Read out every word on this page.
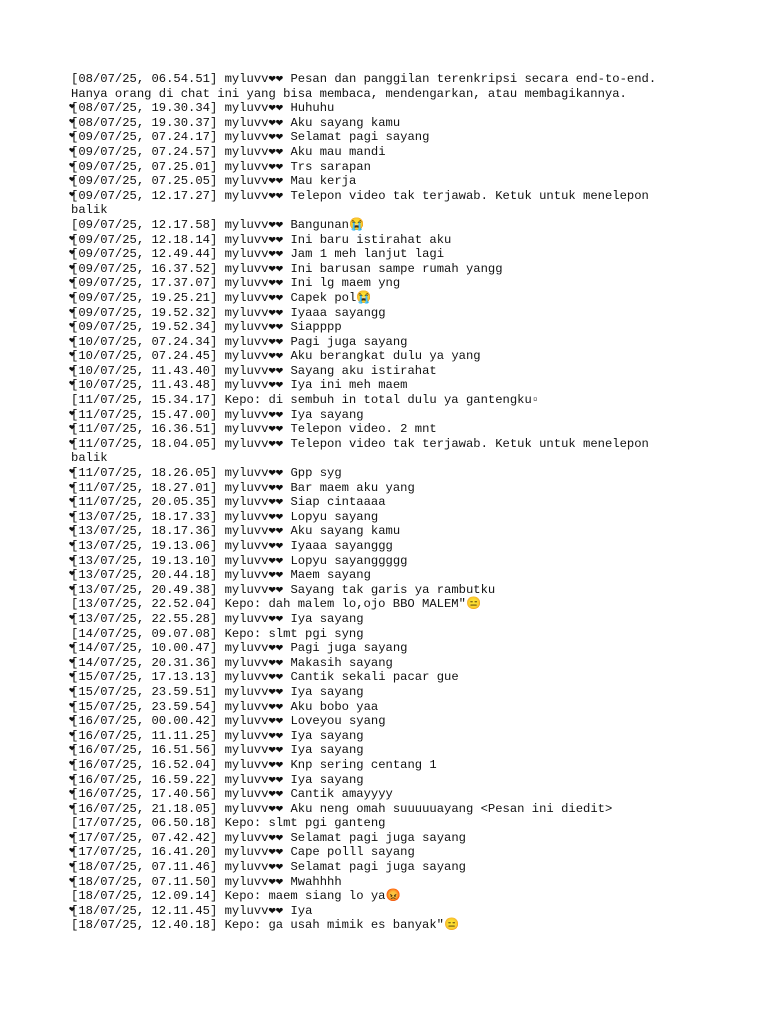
[08/07/25, 06.54.51] myluvv❤❤ Pesan dan panggilan terenkripsi secara end-to-end. Hanya orang di chat ini yang bisa membaca, mendengarkan, atau membagikannya.
❤ [08/07/25, 19.30.34] myluvv❤❤ Huhuhu
❤ [08/07/25, 19.30.37] myluvv❤❤ Aku sayang kamu
❤ [09/07/25, 07.24.17] myluvv❤❤ Selamat pagi sayang
❤ [09/07/25, 07.24.57] myluvv❤❤ Aku mau mandi
❤ [09/07/25, 07.25.01] myluvv❤❤ Trs sarapan
❤ [09/07/25, 07.25.05] myluvv❤❤ Mau kerja
❤ [09/07/25, 12.17.27] myluvv❤❤ Telepon video tak terjawab. Ketuk untuk menelepon balik
[09/07/25, 12.17.58] myluvv❤❤ Bangunan😭
❤ [09/07/25, 12.18.14] myluvv❤❤ Ini baru istirahat aku
❤ [09/07/25, 12.49.44] myluvv❤❤ Jam 1 meh lanjut lagi
❤ [09/07/25, 16.37.52] myluvv❤❤ Ini barusan sampe rumah yangg
❤ [09/07/25, 17.37.07] myluvv❤❤ Ini lg maem yng
❤ [09/07/25, 19.25.21] myluvv❤❤ Capek pol😭
❤ [09/07/25, 19.52.32] myluvv❤❤ Iyaaa sayangg
❤ [09/07/25, 19.52.34] myluvv❤❤ Siapppp
❤ [10/07/25, 07.24.34] myluvv❤❤ Pagi juga sayang
❤ [10/07/25, 07.24.45] myluvv❤❤ Aku berangkat dulu ya yang
❤ [10/07/25, 11.43.40] myluvv❤❤ Sayang aku istirahat
❤ [10/07/25, 11.43.48] myluvv❤❤ Iya ini meh maem
[11/07/25, 15.34.17] Kepo: di sembuh in total dulu ya gantengku▫
❤ [11/07/25, 15.47.00] myluvv❤❤ Iya sayang
❤ [11/07/25, 16.36.51] myluvv❤❤ Telepon video. 2 mnt
❤ [11/07/25, 18.04.05] myluvv❤❤ Telepon video tak terjawab. Ketuk untuk menelepon balik
❤ [11/07/25, 18.26.05] myluvv❤❤ Gpp syg
❤ [11/07/25, 18.27.01] myluvv❤❤ Bar maem aku yang
❤ [11/07/25, 20.05.35] myluvv❤❤ Siap cintaaaa
❤ [13/07/25, 18.17.33] myluvv❤❤ Lopyu sayang
❤ [13/07/25, 18.17.36] myluvv❤❤ Aku sayang kamu
❤ [13/07/25, 19.13.06] myluvv❤❤ Iyaaa sayanggg
❤ [13/07/25, 19.13.10] myluvv❤❤ Lopyu sayanggggg
❤ [13/07/25, 20.44.18] myluvv❤❤ Maem sayang
❤ [13/07/25, 20.49.38] myluvv❤❤ Sayang tak garis ya rambutku
[13/07/25, 22.52.04] Kepo: dah malem lo,ojo BBO MALEM"😑
❤ [13/07/25, 22.55.28] myluvv❤❤ Iya sayang
[14/07/25, 09.07.08] Kepo: slmt pgi syng
❤ [14/07/25, 10.00.47] myluvv❤❤ Pagi juga sayang
❤ [14/07/25, 20.31.36] myluvv❤❤ Makasih sayang
❤ [15/07/25, 17.13.13] myluvv❤❤ Cantik sekali pacar gue
❤ [15/07/25, 23.59.51] myluvv❤❤ Iya sayang
❤ [15/07/25, 23.59.54] myluvv❤❤ Aku bobo yaa
❤ [16/07/25, 00.00.42] myluvv❤❤ Loveyou syang
❤ [16/07/25, 11.11.25] myluvv❤❤ Iya sayang
❤ [16/07/25, 16.51.56] myluvv❤❤ Iya sayang
❤ [16/07/25, 16.52.04] myluvv❤❤ Knp sering centang 1
❤ [16/07/25, 16.59.22] myluvv❤❤ Iya sayang
❤ [16/07/25, 17.40.56] myluvv❤❤ Cantik amayyyy
❤ [16/07/25, 21.18.05] myluvv❤❤ Aku neng omah suuuuuayang <Pesan ini diedit>
[17/07/25, 06.50.18] Kepo: slmt pgi ganteng
❤ [17/07/25, 07.42.42] myluvv❤❤ Selamat pagi juga sayang
❤ [17/07/25, 16.41.20] myluvv❤❤ Cape polll sayang
❤ [18/07/25, 07.11.46] myluvv❤❤ Selamat pagi juga sayang
❤ [18/07/25, 07.11.50] myluvv❤❤ Mwahhhh
[18/07/25, 12.09.14] Kepo: maem siang lo ya😡
❤ [18/07/25, 12.11.45] myluvv❤❤ Iya
[18/07/25, 12.40.18] Kepo: ga usah mimik es banyak"😑
